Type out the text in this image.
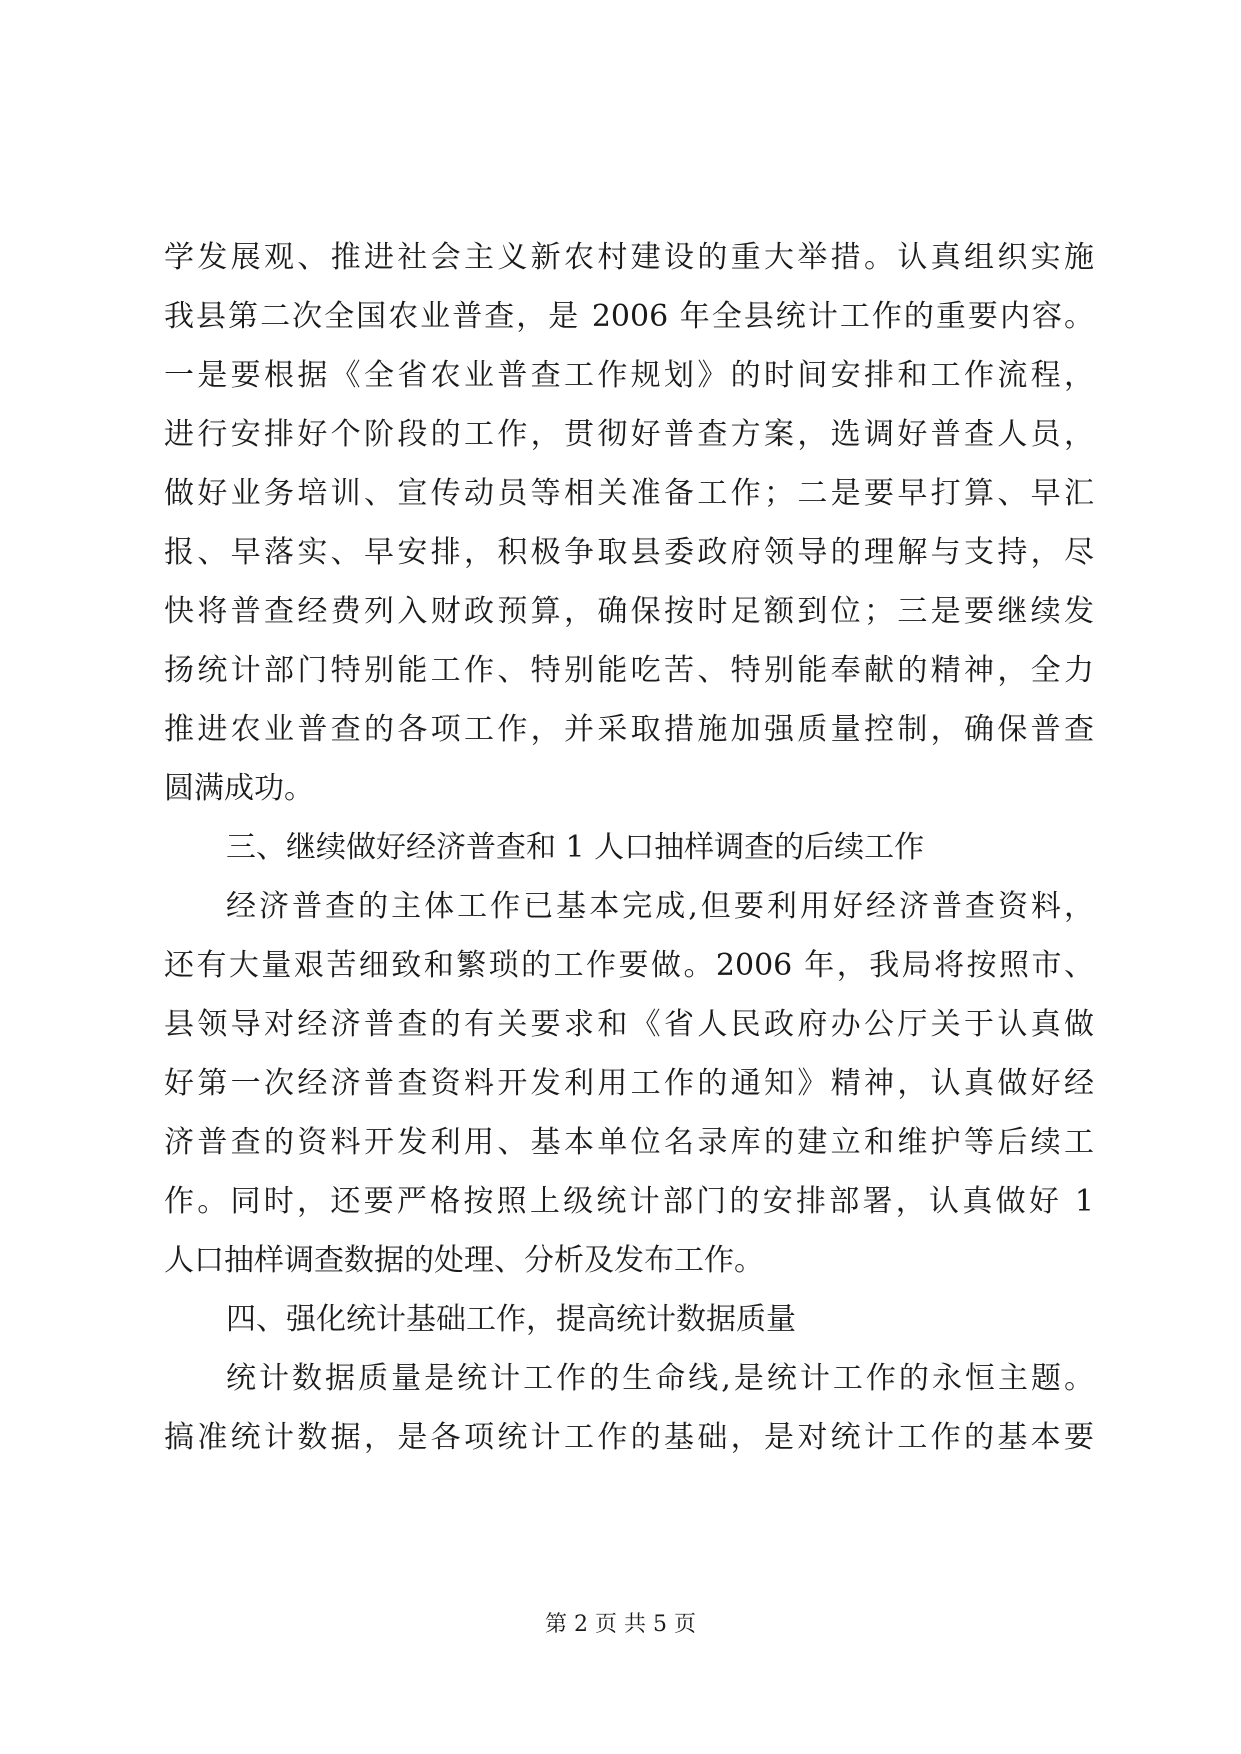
学发展观、推进社会主义新农村建设的重大举措。认真组织实施
我县第二次全国农业普查，是 2006 年全县统计工作的重要内容。
一是要根据《全省农业普查工作规划》的时间安排和工作流程，
进行安排好个阶段的工作，贯彻好普查方案，选调好普查人员，
做好业务培训、宣传动员等相关准备工作；二是要早打算、早汇
报、早落实、早安排，积极争取县委政府领导的理解与支持，尽
快将普查经费列入财政预算，确保按时足额到位；三是要继续发
扬统计部门特别能工作、特别能吃苦、特别能奉献的精神，全力
推进农业普查的各项工作，并采取措施加强质量控制，确保普查
圆满成功。
三、继续做好经济普查和 1 人口抽样调查的后续工作
经济普查的主体工作已基本完成,但要利用好经济普查资料，
还有大量艰苦细致和繁琐的工作要做。2006 年，我局将按照市、
县领导对经济普查的有关要求和《省人民政府办公厅关于认真做
好第一次经济普查资料开发利用工作的通知》精神，认真做好经
济普查的资料开发利用、基本单位名录库的建立和维护等后续工
作。同时，还要严格按照上级统计部门的安排部署，认真做好 1
人口抽样调查数据的处理、分析及发布工作。
四、强化统计基础工作，提高统计数据质量
统计数据质量是统计工作的生命线,是统计工作的永恒主题。
搞准统计数据，是各项统计工作的基础，是对统计工作的基本要
第 2 页 共 5 页
